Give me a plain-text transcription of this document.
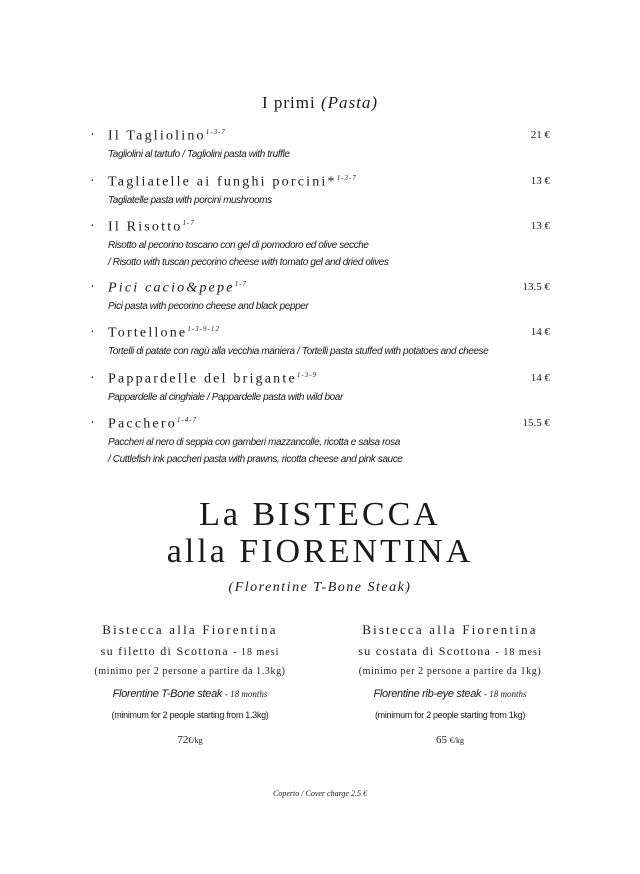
I primi (Pasta)
· Il Tagliolino$^{1-3-7}$	21 €
Tagliolini al tartufo / Tagliolini pasta with truffle
· Tagliatelle ai funghi porcini*$^{1-3-7}$	13 €
Tagliatelle pasta with porcini mushrooms
· Il Risotto$^{1-7}$	13 €
Risotto al pecorino toscano con gel di pomodoro ed olive secche
/ Risotto with tuscan pecorino cheese with tomato gel and dried olives
· Pici cacio&pepe$^{1-7}$	13.5 €
Pici pasta with pecorino cheese and black pepper
· Tortellone$^{1-3-9-12}$	14 €
Tortelli di patate con ragù alla vecchia maniera / Tortelli pasta stuffed with potatoes and cheese
· Pappardelle del brigante$^{1-3-9}$	14 €
Pappardelle al cinghiale / Pappardelle pasta with wild boar
· Pacchero$^{1-4-7}$	15.5 €
Paccheri al nero di seppia con gamberi mazzancolle, ricotta e salsa rosa
/ Cuttlefish ink paccheri pasta with prawns, ricotta cheese and pink sauce
La BISTECCA
alla FIORENTINA
(Florentine T-Bone Steak)
Bistecca alla Fiorentina
su filetto di Scottona - 18 mesi
(minimo per 2 persone a partire da 1.3kg)
Florentine T-Bone steak - 18 months
(minimum for 2 people starting from 1.3kg)
72€/kg
Bistecca alla Fiorentina
su costata di Scottona - 18 mesi
(minimo per 2 persone a partire da 1kg)
Florentine rib-eye steak - 18 months
(minimum for 2 people starting from 1kg)
65 €/kg
Coperto / Cover charge 2.5 €
